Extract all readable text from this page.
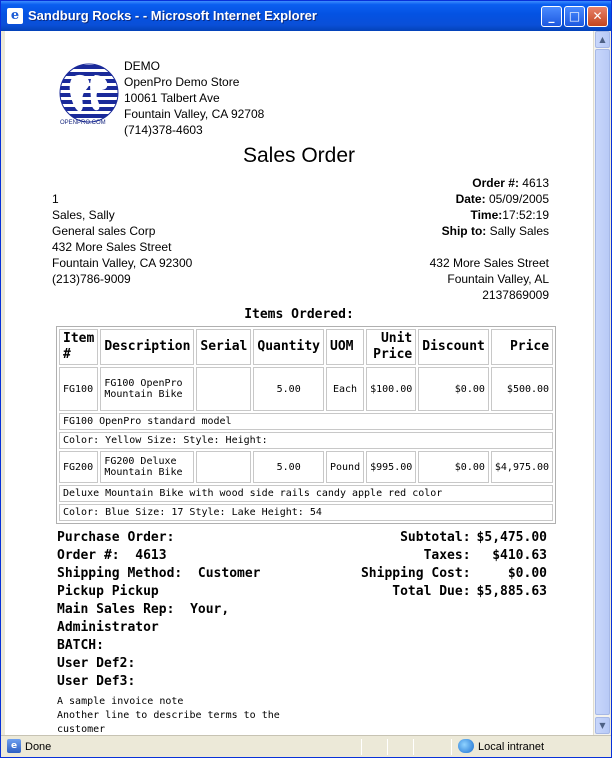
e Sandburg Rocks - - Microsoft Internet Explorer	_	□	✕
OPENPRO.COM
DEMO
OpenPro Demo Store
10061 Talbert Ave
Fountain Valley, CA 92708
(714)378-4603
Sales Order
1
Sales, Sally
General sales Corp
432 More Sales Street
Fountain Valley, CA 92300
(213)786-9009
Order #: 4613
Date: 05/09/2005
Time:17:52:19
Ship to: Sally Sales
432 More Sales Street
Fountain Valley, AL
2137869009
Items Ordered:
Item #	Description	Serial	Quantity	UOM	Unit Price	Discount	Price
FG100	FG100 OpenPro Mountain Bike		5.00	Each	$100.00	$0.00	$500.00
FG100 OpenPro standard model							
Color: Yellow Size: Style: Height:							
FG200	FG200 Deluxe Mountain Bike		5.00	Pound	$995.00	$0.00	$4,975.00
Deluxe Mountain Bike with wood side rails candy apple red color							
Color: Blue Size: 17 Style: Lake Height: 54							
Purchase Order:
Order #: 4613
Shipping Method: Customer Pickup Pickup
Main Sales Rep: Your, Administrator
BATCH:
User Def2:
User Def3:
Subtotal:	$5,475.00
Taxes:	$410.63
Shipping Cost:	$0.00
Total Due:	$5,885.63
A sample invoice note
Another line to describe terms to the
customer
▲
▼
e Done	Local intranet
